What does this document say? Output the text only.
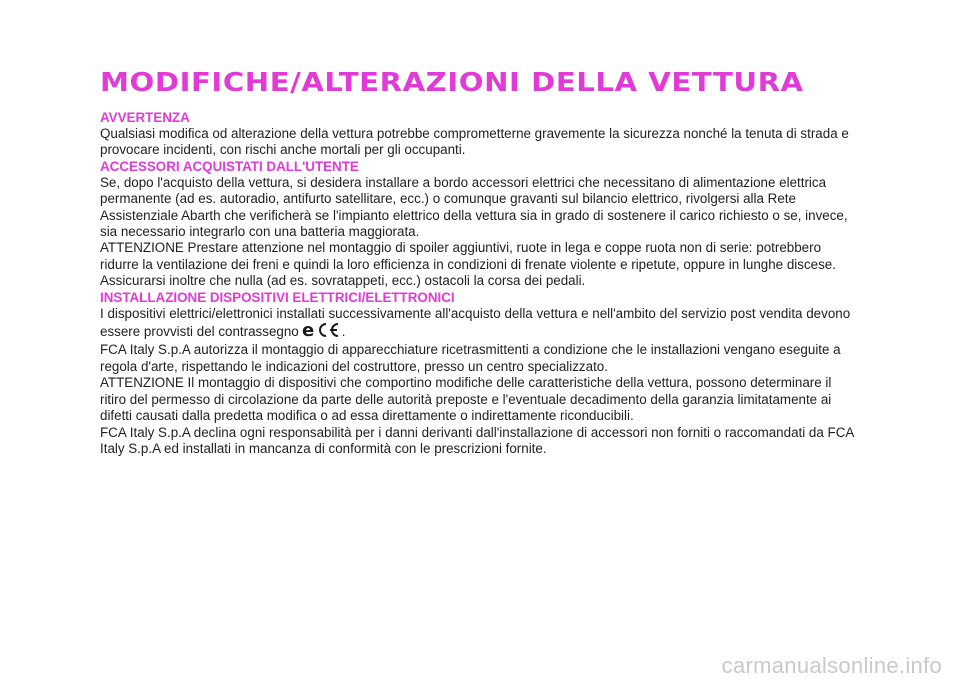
MODIFICHE/ALTERAZIONI DELLA VETTURA

AVVERTENZA

Qualsiasi modifica od alterazione della vettura potrebbe comprometterne gravemente la sicurezza nonché la tenuta di strada e provocare incidenti, con rischi anche mortali per gli occupanti.

ACCESSORI ACQUISTATI DALL'UTENTE

Se, dopo l'acquisto della vettura, si desidera installare a bordo accessori elettrici che necessitano di alimentazione elettrica permanente (ad es. autoradio, antifurto satellitare, ecc.) o comunque gravanti sul bilancio elettrico, rivolgersi alla Rete Assistenziale Abarth che verificherà se l'impianto elettrico della vettura sia in grado di sostenere il carico richiesto o se, invece, sia necessario integrarlo con una batteria maggiorata.

ATTENZIONE Prestare attenzione nel montaggio di spoiler aggiuntivi, ruote in lega e coppe ruota non di serie: potrebbero ridurre la ventilazione dei freni e quindi la loro efficienza in condizioni di frenate violente e ripetute, oppure in lunghe discese. Assicurarsi inoltre che nulla (ad es. sovratappeti, ecc.) ostacoli la corsa dei pedali.

INSTALLAZIONE DISPOSITIVI ELETTRICI/ELETTRONICI

I dispositivi elettrici/elettronici installati successivamente all'acquisto della vettura e nell'ambito del servizio post vendita devono essere provvisti del contrassegno e .

FCA Italy S.p.A autorizza il montaggio di apparecchiature ricetrasmittenti a condizione che le installazioni vengano eseguite a regola d'arte, rispettando le indicazioni del costruttore, presso un centro specializzato.

ATTENZIONE Il montaggio di dispositivi che comportino modifiche delle caratteristiche della vettura, possono determinare il ritiro del permesso di circolazione da parte delle autorità preposte e l'eventuale decadimento della garanzia limitatamente ai difetti causati dalla predetta modifica o ad essa direttamente o indirettamente riconducibili.

FCA Italy S.p.A declina ogni responsabilità per i danni derivanti dall'installazione di accessori non forniti o raccomandati da FCA Italy S.p.A ed installati in mancanza di conformità con le prescrizioni fornite.

carmanualsonline.info
